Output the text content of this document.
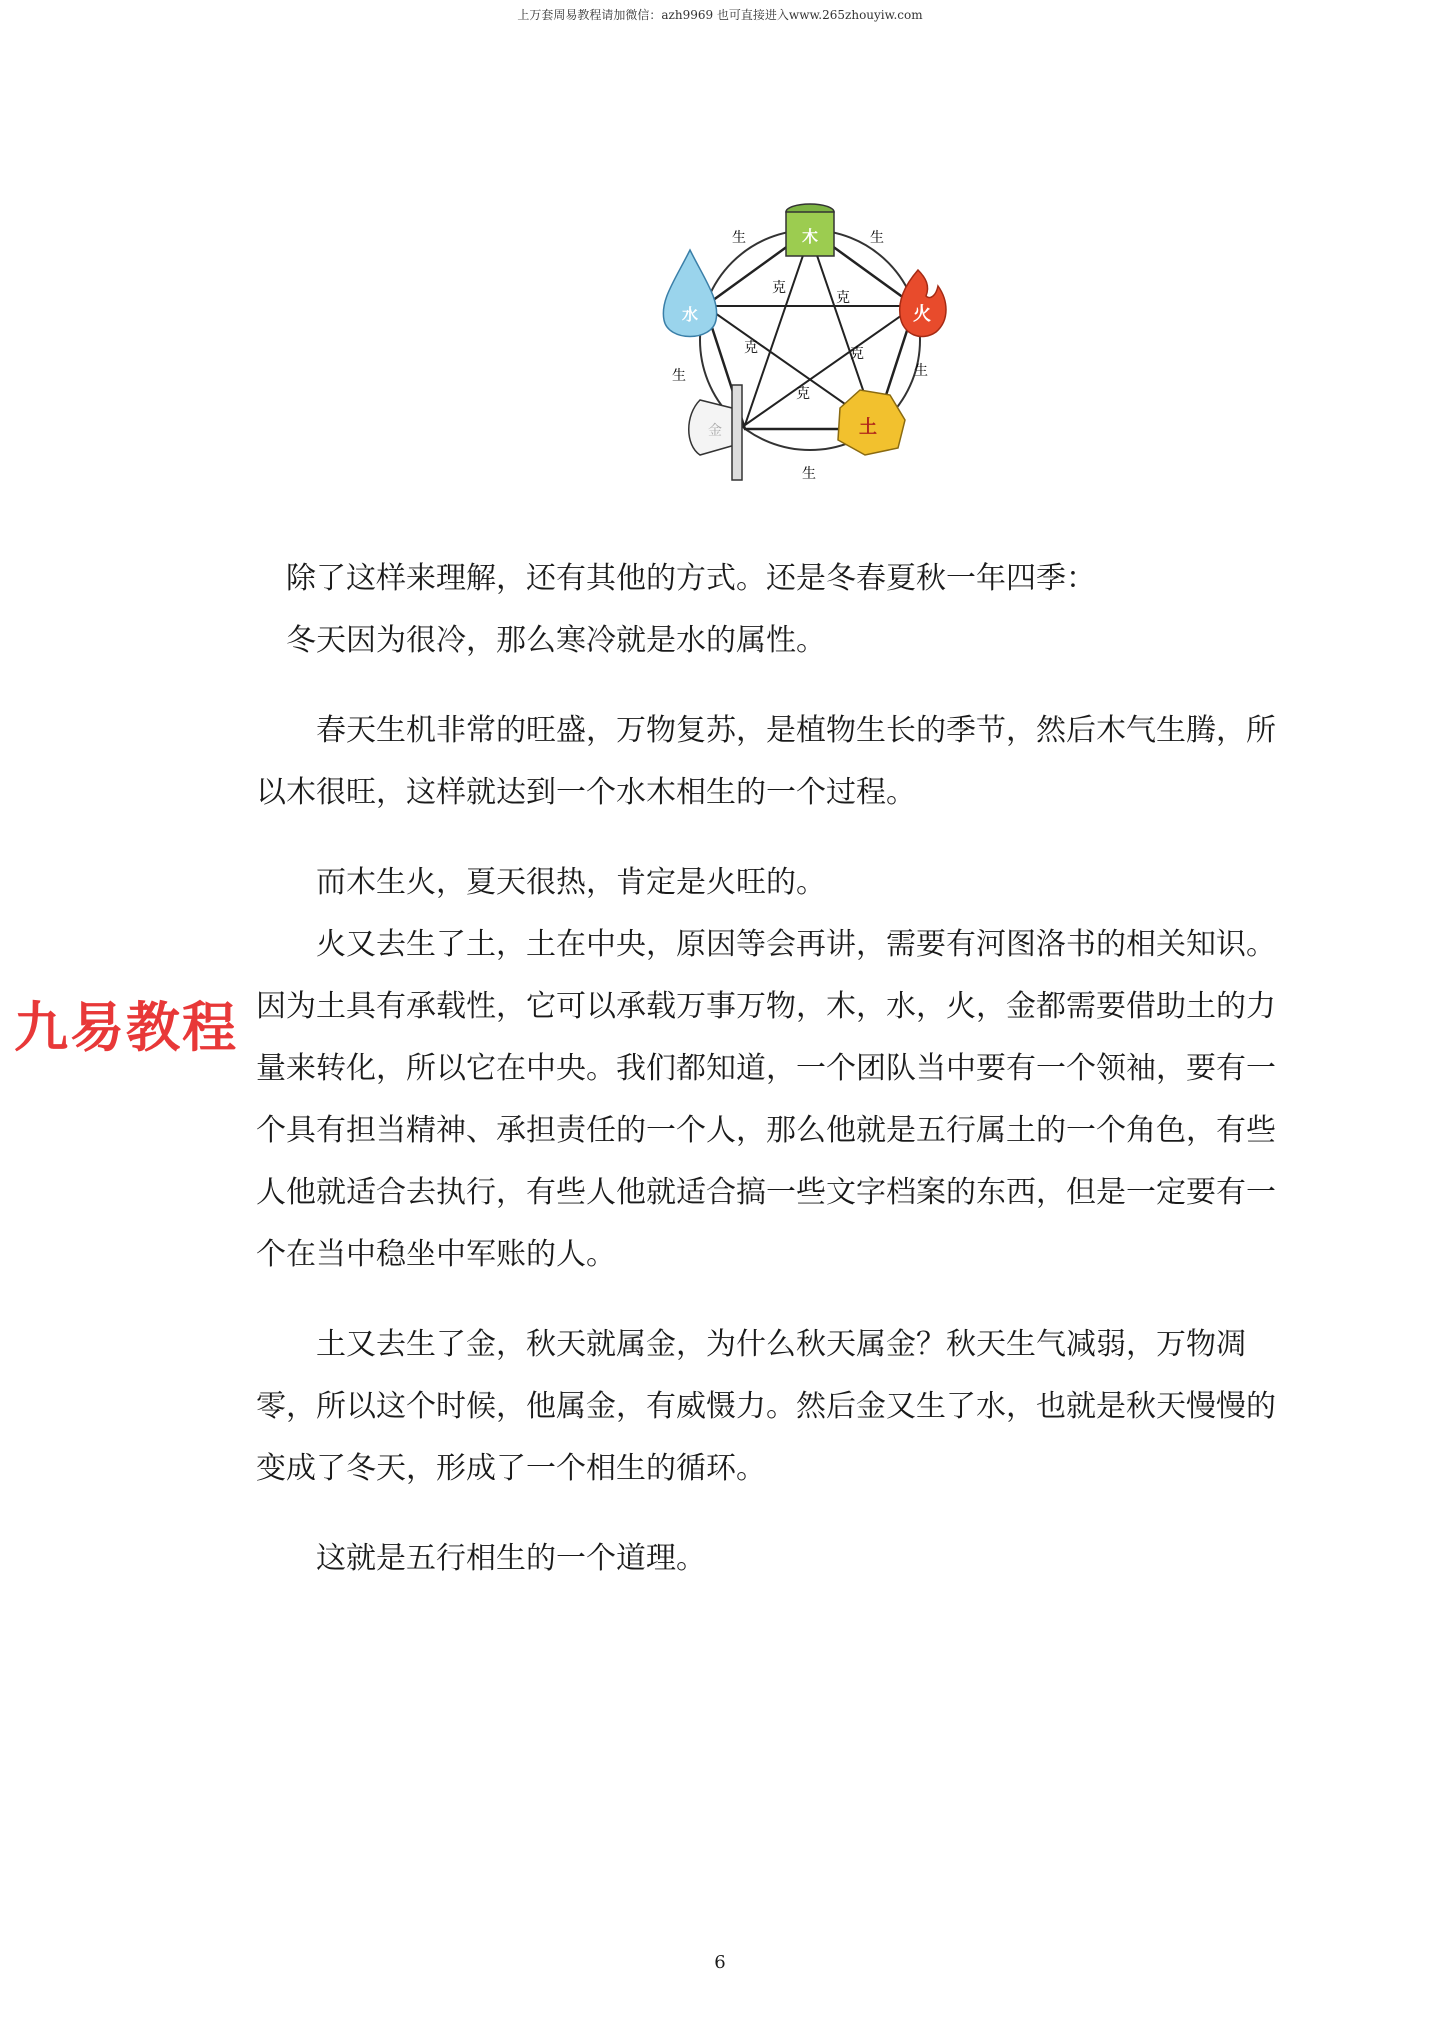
上万套周易教程请加微信：azh9969 也可直接进入www.265zhouyiw.com
木
火
土
金
水
生	生
生
生
生
克
克
克	克
克
九易教程

除了这样来理解，还有其他的方式。还是冬春夏秋一年四季：

冬天因为很冷，那么寒冷就是水的属性。

春天生机非常的旺盛，万物复苏，是植物生长的季节，然后木气生腾，所以木很旺，这样就达到一个水木相生的一个过程。

而木生火，夏天很热，肯定是火旺的。

火又去生了土，土在中央，原因等会再讲，需要有河图洛书的相关知识。因为土具有承载性，它可以承载万事万物，木，水，火，金都需要借助土的力量来转化，所以它在中央。我们都知道，一个团队当中要有一个领袖，要有一个具有担当精神、承担责任的一个人，那么他就是五行属土的一个角色，有些人他就适合去执行，有些人他就适合搞一些文字档案的东西，但是一定要有一个在当中稳坐中军账的人。

土又去生了金，秋天就属金，为什么秋天属金？秋天生气减弱，万物凋零，所以这个时候，他属金，有威慑力。然后金又生了水，也就是秋天慢慢的变成了冬天，形成了一个相生的循环。

这就是五行相生的一个道理。

6
